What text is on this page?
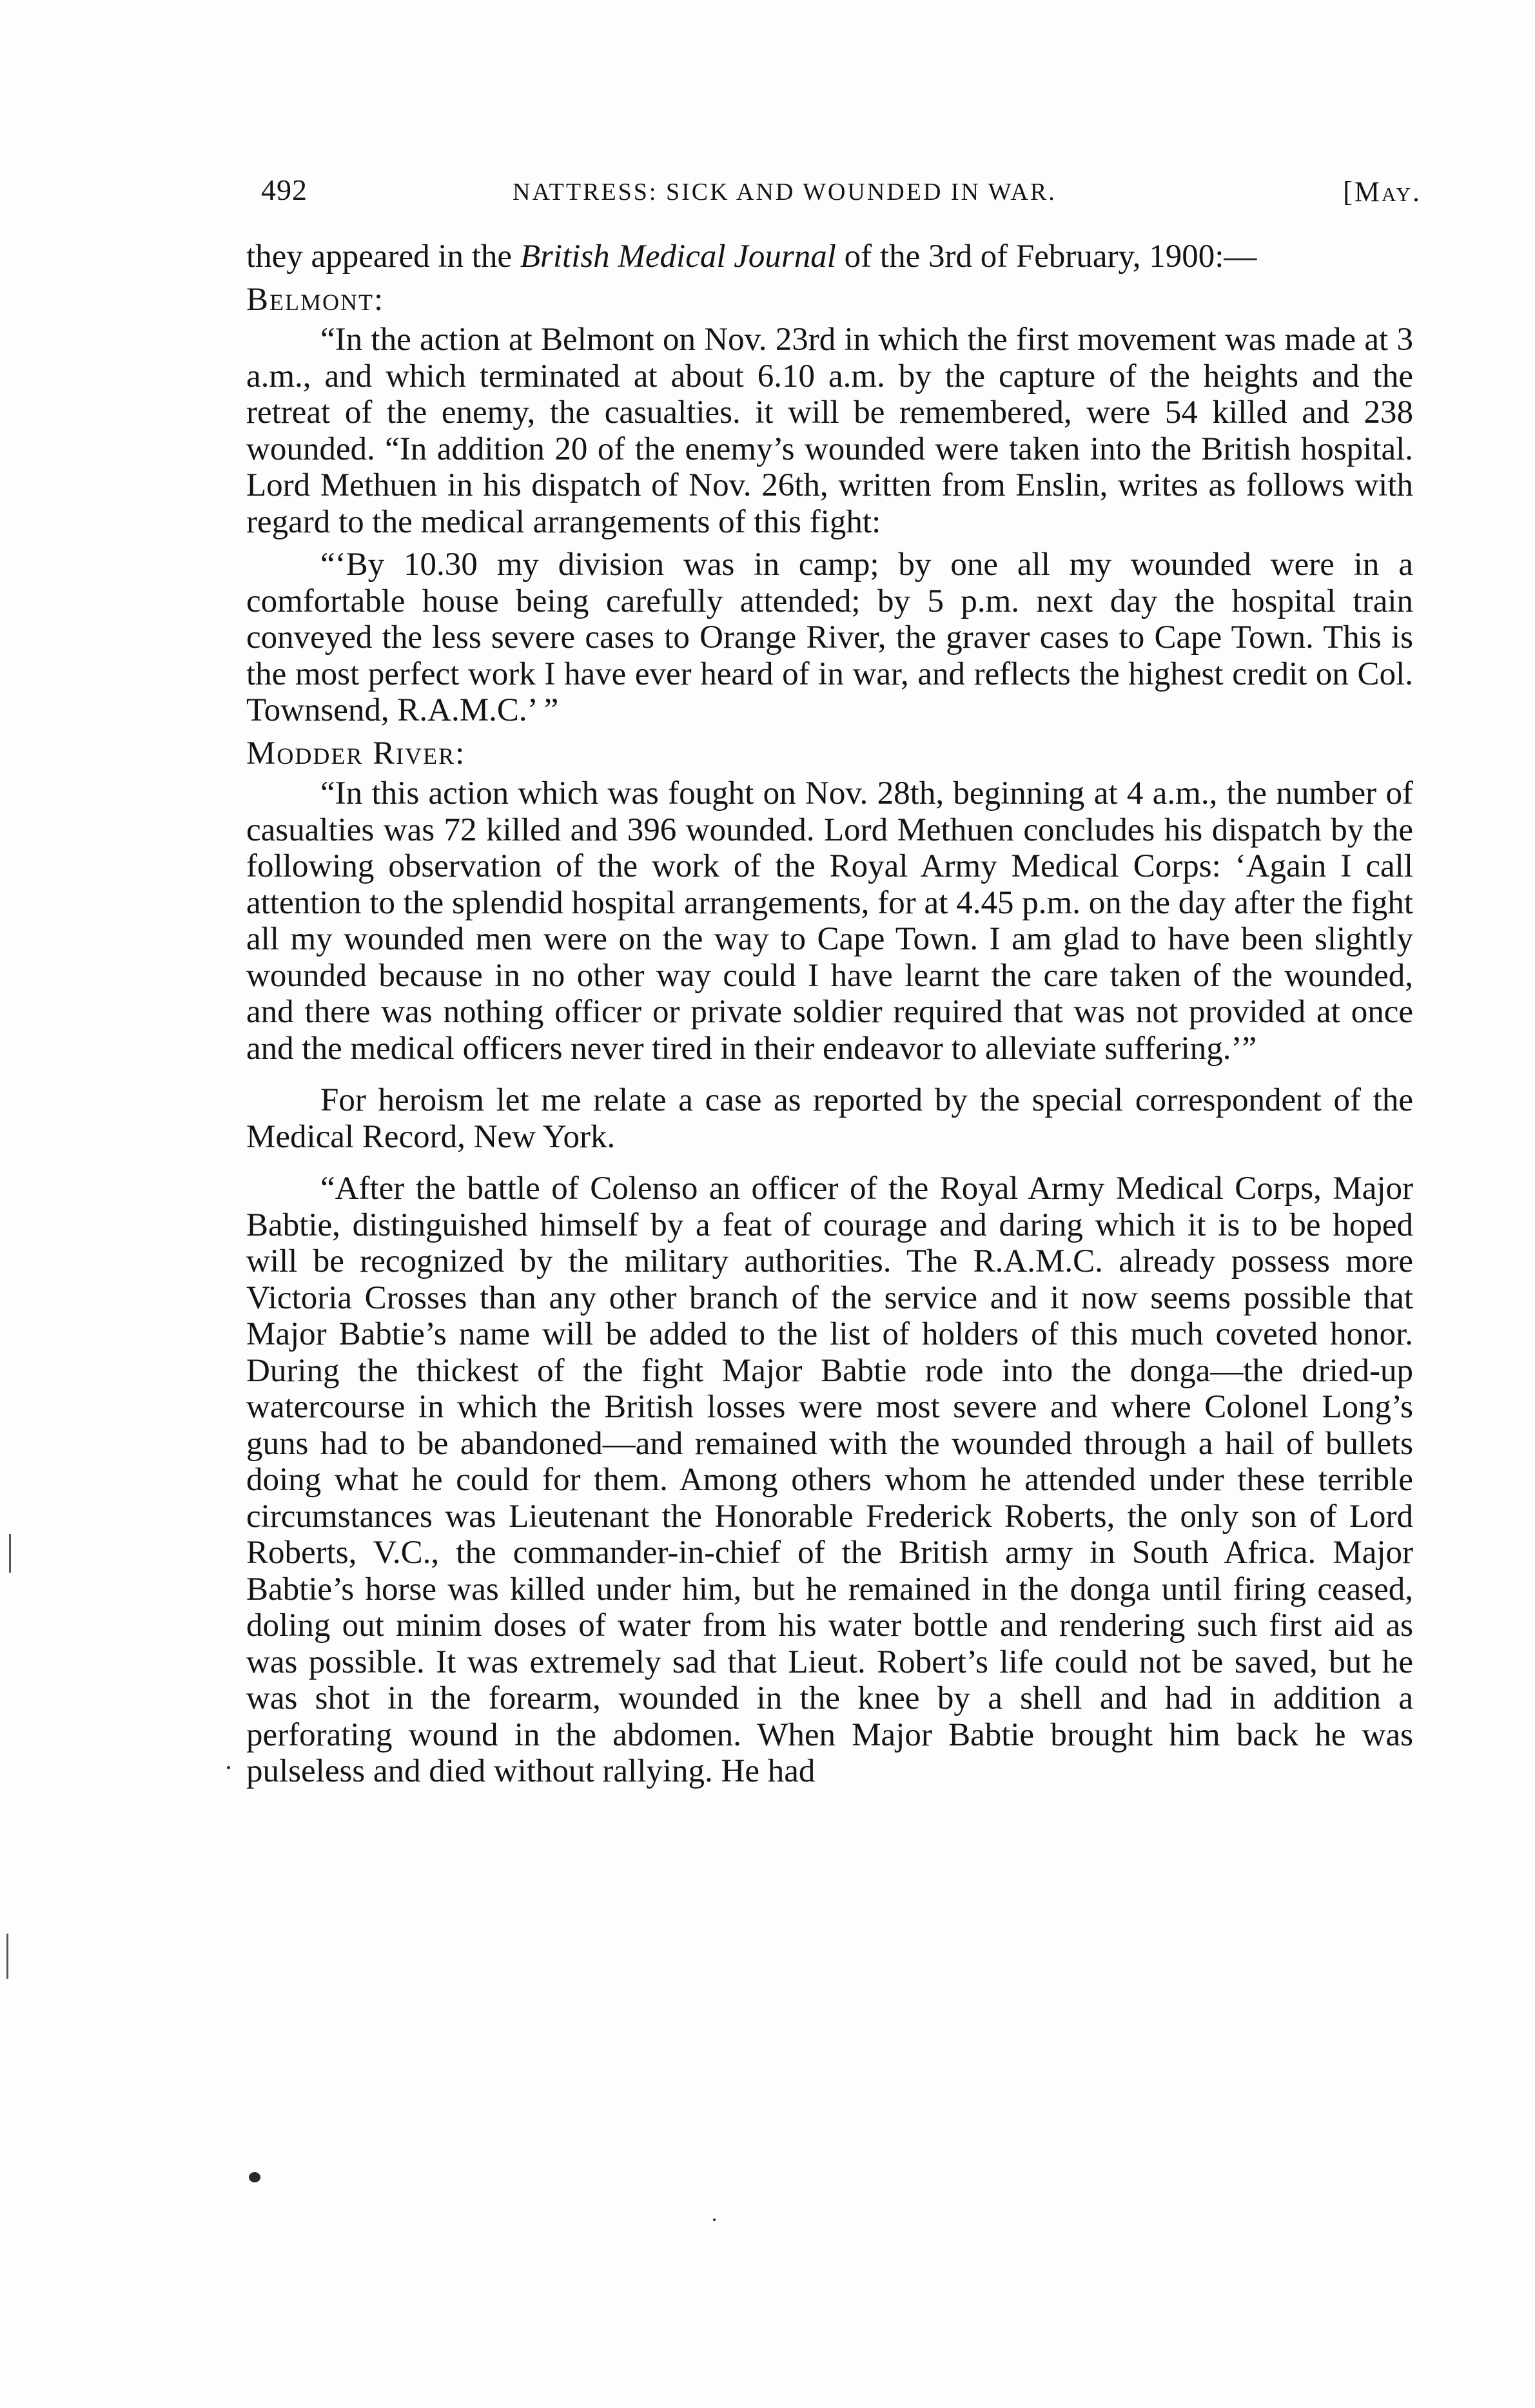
492	NATTRESS: SICK AND WOUNDED IN WAR.	[May.

they appeared in the British Medical Journal of the 3rd of February, 1900:—

Belmont:

“In the action at Belmont on Nov. 23rd in which the first movement was made at 3 a.m., and which terminated at about 6.10 a.m. by the capture of the heights and the retreat of the enemy, the casualties. it will be remembered, were 54 killed and 238 wounded. “In addition 20 of the enemy’s wounded were taken into the British hospital. Lord Methuen in his dispatch of Nov. 26th, written from Enslin, writes as follows with regard to the medical arrangements of this fight:

“‘By 10.30 my division was in camp; by one all my wounded were in a comfortable house being carefully attended; by 5 p.m. next day the hospital train conveyed the less severe cases to Orange River, the graver cases to Cape Town. This is the most perfect work I have ever heard of in war, and reflects the highest credit on Col. Townsend, R.A.M.C.’ ”

Modder River:

“In this action which was fought on Nov. 28th, beginning at 4 a.m., the number of casualties was 72 killed and 396 wounded. Lord Methuen concludes his dispatch by the following observation of the work of the Royal Army Medical Corps: ‘Again I call attention to the splendid hospital arrangements, for at 4.45 p.m. on the day after the fight all my wounded men were on the way to Cape Town. I am glad to have been slightly wounded because in no other way could I have learnt the care taken of the wounded, and there was nothing officer or private soldier required that was not provided at once and the medical officers never tired in their endeavor to alleviate suffering.’”

For heroism let me relate a case as reported by the special correspondent of the Medical Record, New York.

“After the battle of Colenso an officer of the Royal Army Medical Corps, Major Babtie, distinguished himself by a feat of courage and daring which it is to be hoped will be recognized by the military authorities. The R.A.M.C. already possess more Victoria Crosses than any other branch of the service and it now seems possible that Major Babtie’s name will be added to the list of holders of this much coveted honor. During the thickest of the fight Major Babtie rode into the donga—the dried-up watercourse in which the British losses were most severe and where Colonel Long’s guns had to be abandoned—and remained with the wounded through a hail of bullets doing what he could for them. Among others whom he attended under these terrible circumstances was Lieutenant the Honorable Frederick Roberts, the only son of Lord Roberts, V.C., the commander-in-chief of the British army in South Africa. Major Babtie’s horse was killed under him, but he remained in the donga until firing ceased, doling out minim doses of water from his water bottle and rendering such first aid as was possible. It was extremely sad that Lieut. Robert’s life could not be saved, but he was shot in the forearm, wounded in the knee by a shell and had in addition a perforating wound in the abdomen. When Major Babtie brought him back he was pulseless and died without rallying. He had
